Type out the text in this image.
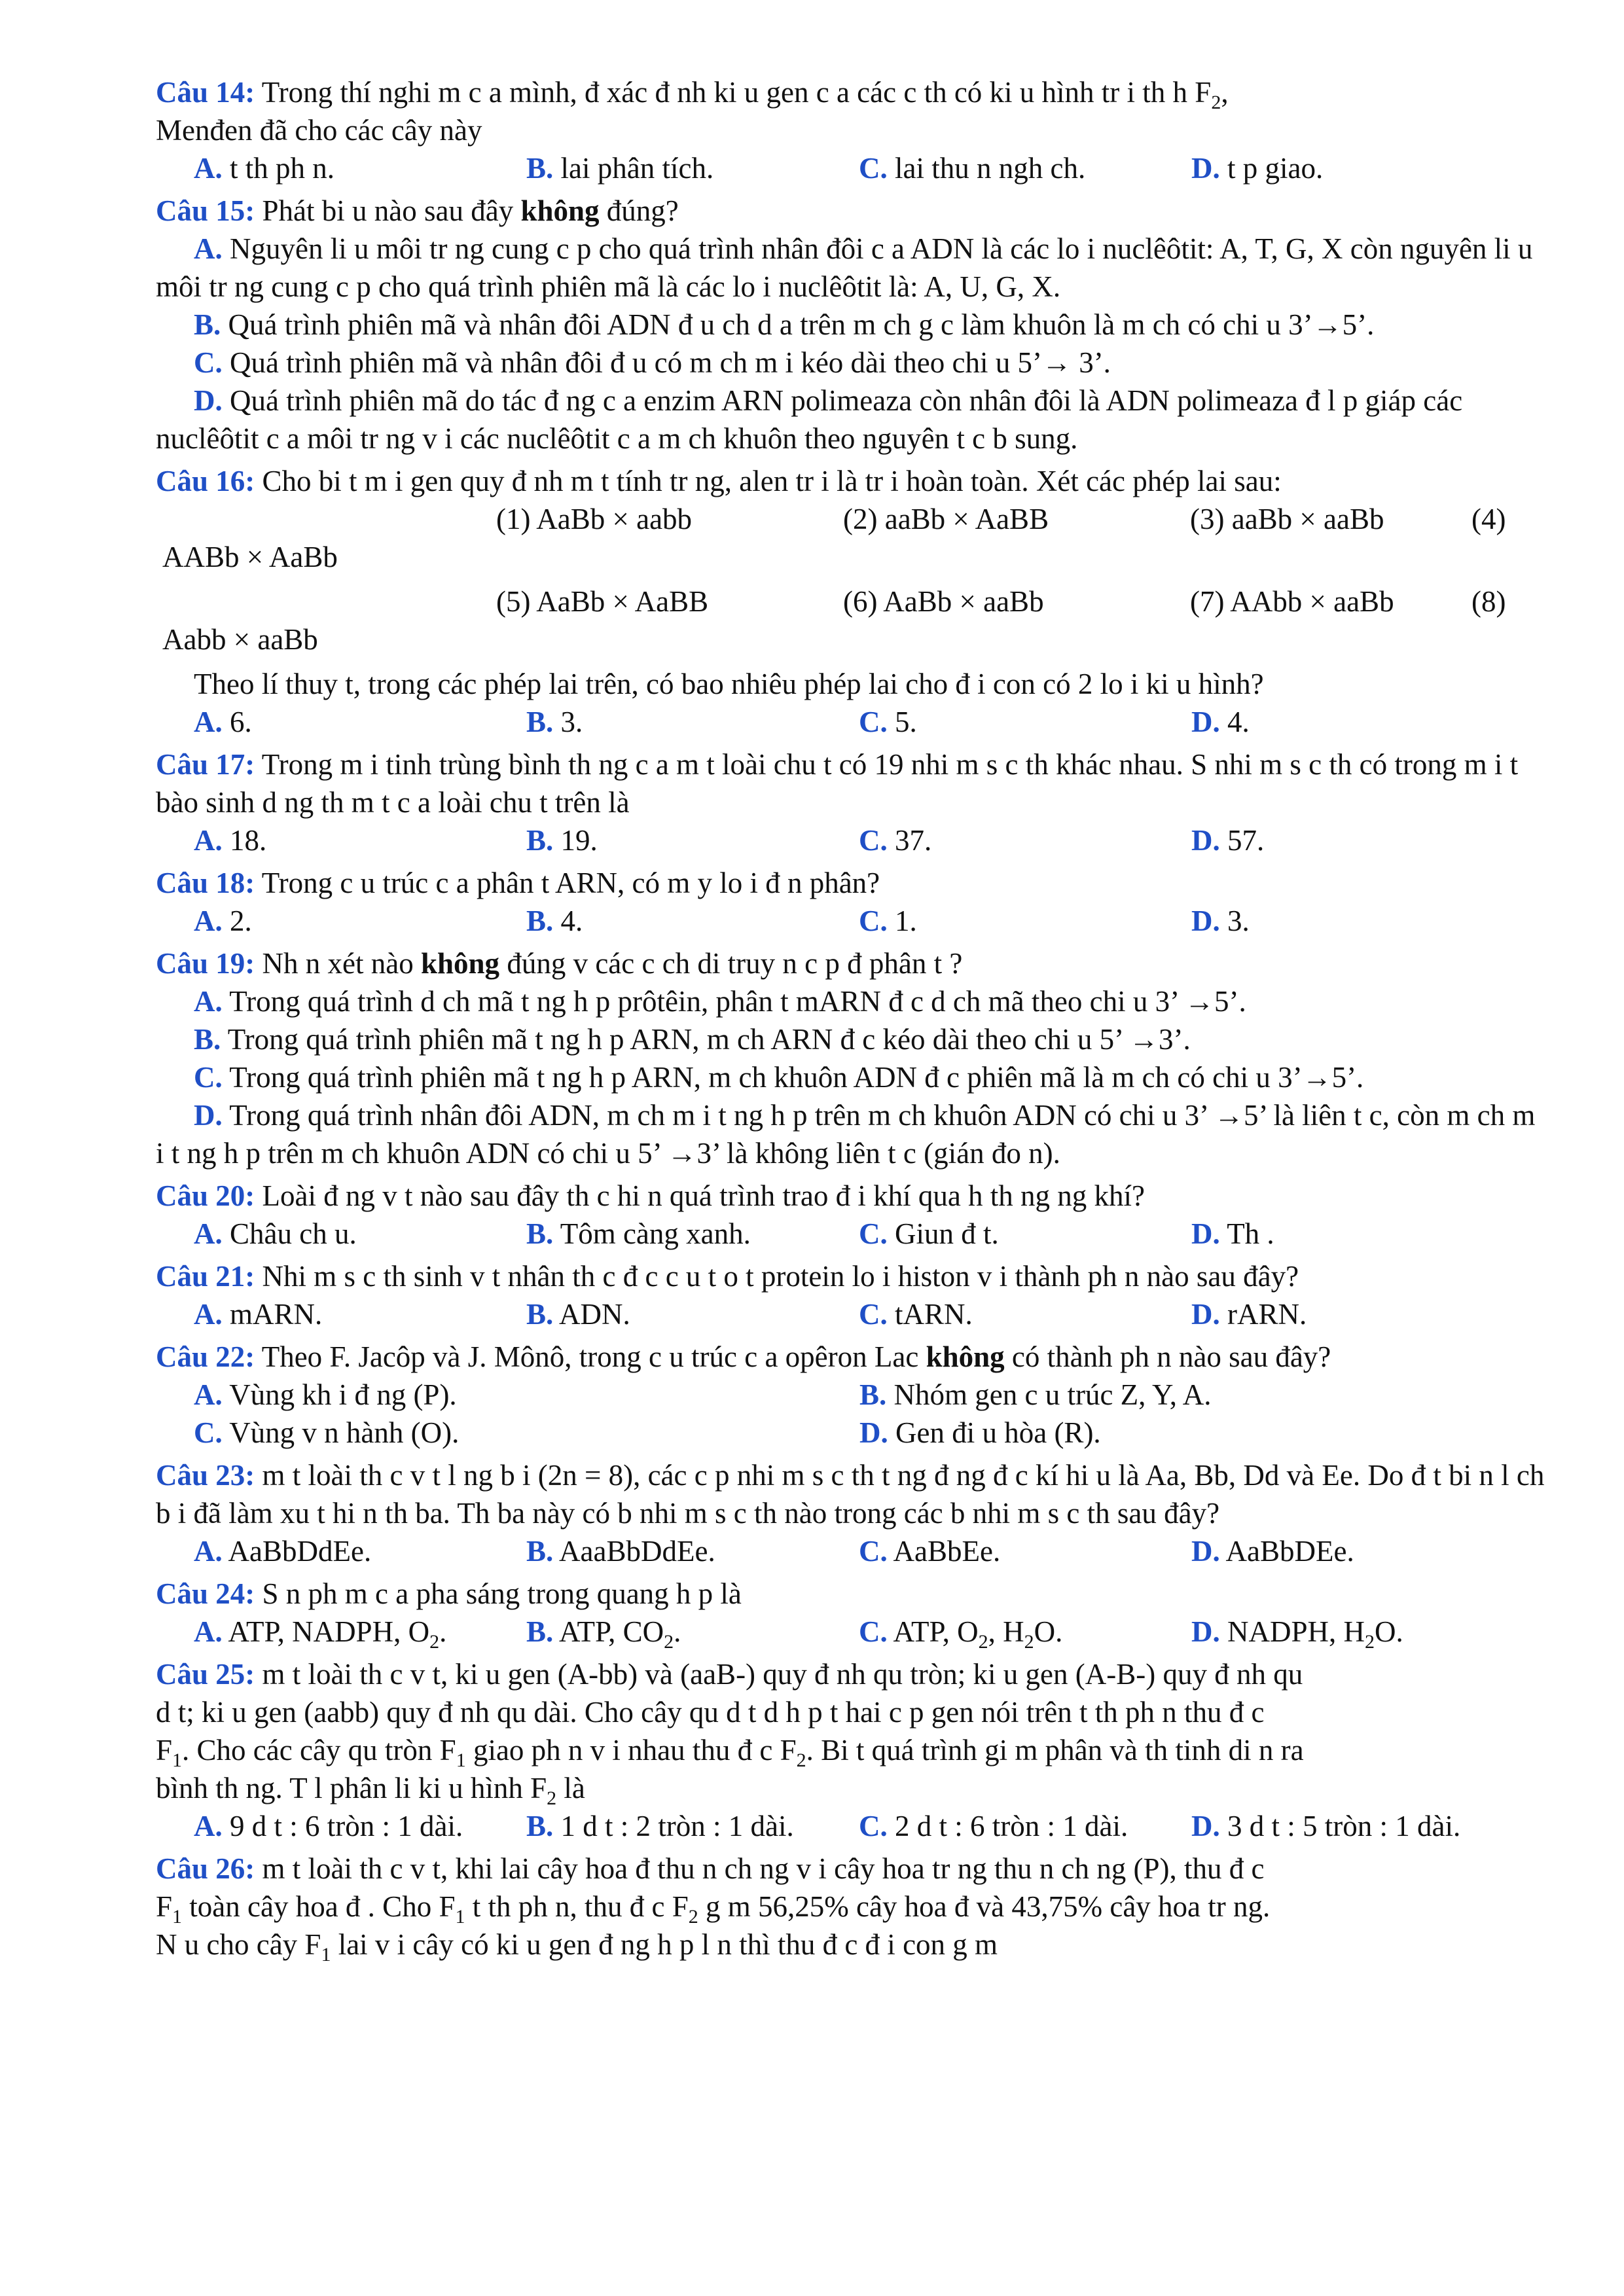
Câu 14: Trong thí nghi m c a mình, đ xác đ nh ki u gen c a các c th có ki u hình tr i th h $F_2$,
Menđen đã cho các cây này
A. t th ph n.	B. lai phân tích.	C. lai thu n ngh ch.	D. t p giao.
Câu 15: Phát bi u nào sau đây không đúng?
A. Nguyên li u môi tr ng cung c p cho quá trình nhân đôi c a ADN là các lo i nuclêôtit: A, T, G, X còn nguyên li u môi tr ng cung c p cho quá trình phiên mã là các lo i nuclêôtit là: A, U, G, X.
B. Quá trình phiên mã và nhân đôi ADN đ u ch d a trên m ch g c làm khuôn là m ch có chi u 3’→5’.
C. Quá trình phiên mã và nhân đôi đ u có m ch m i kéo dài theo chi u 5’→ 3’.
D. Quá trình phiên mã do tác đ ng c a enzim ARN polimeaza còn nhân đôi là ADN polimeaza đ l p giáp các nuclêôtit c a môi tr ng v i các nuclêôtit c a m ch khuôn theo nguyên t c b sung.
Câu 16: Cho bi t m i gen quy đ nh m t tính tr ng, alen tr i là tr i hoàn toàn. Xét các phép lai sau:
(1) AaBb × aabb	(2) aaBb × AaBB	(3) aaBb × aaBb	(4)
AABb × AaBb
(5) AaBb × AaBB	(6) AaBb × aaBb	(7) AAbb × aaBb	(8)
Aabb × aaBb
Theo lí thuy t, trong các phép lai trên, có bao nhiêu phép lai cho đ i con có 2 lo i ki u hình?
A. 6.	B. 3.	C. 5.	D. 4.
Câu 17: Trong m i tinh trùng bình th ng c a m t loài chu t có 19 nhi m s c th khác nhau. S nhi m s c th có trong m i t bào sinh d ng th m t c a loài chu t trên là
A. 18.	B. 19.	C. 37.	D. 57.
Câu 18: Trong c u trúc c a phân t ARN, có m y lo i đ n phân?
A. 2.	B. 4.	C. 1.	D. 3.
Câu 19: Nh n xét nào không đúng v các c ch di truy n c p đ phân t ?
A. Trong quá trình d ch mã t ng h p prôtêin, phân t mARN đ c d ch mã theo chi u 3’ →5’.
B. Trong quá trình phiên mã t ng h p ARN, m ch ARN đ c kéo dài theo chi u 5’ →3’.
C. Trong quá trình phiên mã t ng h p ARN, m ch khuôn ADN đ c phiên mã là m ch có chi u 3’→5’.
D. Trong quá trình nhân đôi ADN, m ch m i t ng h p trên m ch khuôn ADN có chi u 3’ →5’ là liên t c, còn m ch m i t ng h p trên m ch khuôn ADN có chi u 5’ →3’ là không liên t c (gián đo n).
Câu 20: Loài đ ng v t nào sau đây th c hi n quá trình trao đ i khí qua h th ng ng khí?
A. Châu ch u.	B. Tôm càng xanh.	C. Giun đ t.	D. Th .
Câu 21: Nhi m s c th sinh v t nhân th c đ c c u t o t protein lo i histon v i thành ph n nào sau đây?
A. mARN.	B. ADN.	C. tARN.	D. rARN.
Câu 22: Theo F. Jacôp và J. Mônô, trong c u trúc c a opêron Lac không có thành ph n nào sau đây?
A. Vùng kh i đ ng (P).	B. Nhóm gen c u trúc Z, Y, A.
C. Vùng v n hành (O).	D. Gen đi u hòa (R).
Câu 23: m t loài th c v t l ng b i (2n = 8), các c p nhi m s c th t ng đ ng đ c kí hi u là Aa, Bb, Dd và Ee. Do đ t bi n l ch b i đã làm xu t hi n th ba. Th ba này có b nhi m s c th nào trong các b nhi m s c th sau đây?
A. AaBbDdEe.	B. AaaBbDdEe.	C. AaBbEe.	D. AaBbDEe.
Câu 24: S n ph m c a pha sáng trong quang h p là
A. ATP, NADPH, $O_2$.	B. ATP, $CO_2$.	C. ATP, $O_2$, $H_2O$.	D. NADPH, $H_2O$.
Câu 25: m t loài th c v t, ki u gen (A-bb) và (aaB-) quy đ nh qu tròn; ki u gen (A-B-) quy đ nh qu
d t; ki u gen (aabb) quy đ nh qu dài. Cho cây qu d t d h p t hai c p gen nói trên t th ph n thu đ c
$F_1$. Cho các cây qu tròn $F_1$ giao ph n v i nhau thu đ c $F_2$. Bi t quá trình gi m phân và th tinh di n ra
bình th ng. T l phân li ki u hình $F_2$ là
A. 9 d t : 6 tròn : 1 dài.	B. 1 d t : 2 tròn : 1 dài.	C. 2 d t : 6 tròn : 1 dài.	D. 3 d t : 5 tròn : 1 dài.
Câu 26: m t loài th c v t, khi lai cây hoa đ thu n ch ng v i cây hoa tr ng thu n ch ng (P), thu đ c
$F_1$ toàn cây hoa đ . Cho $F_1$ t th ph n, thu đ c $F_2$ g m 56,25% cây hoa đ và 43,75% cây hoa tr ng.
N u cho cây $F_1$ lai v i cây có ki u gen đ ng h p l n thì thu đ c đ i con g m
